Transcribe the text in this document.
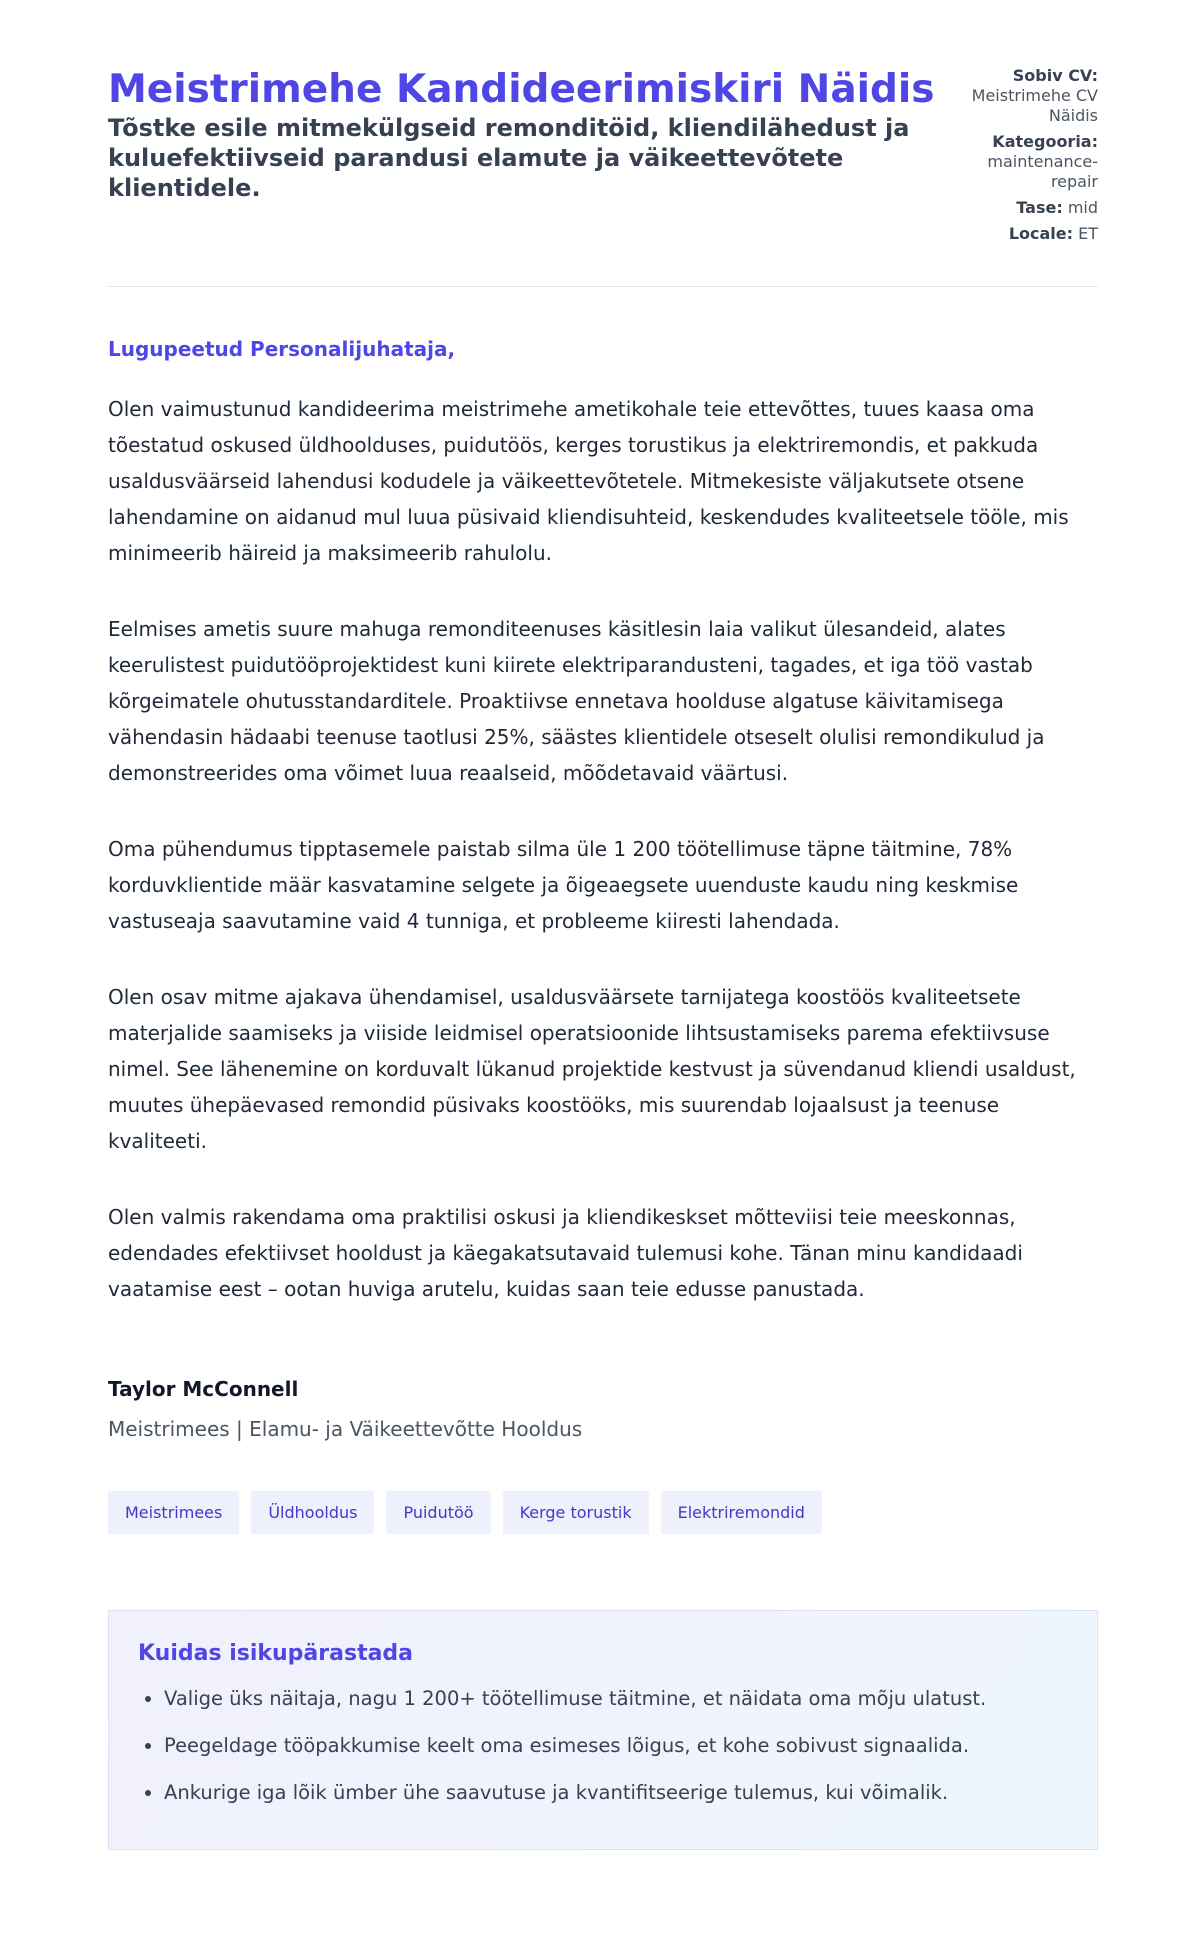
Meistrimehe Kandideerimiskiri Näidis

Tõstke esile mitmekülgseid remonditöid, kliendilähedust ja kuluefektiivseid parandusi elamute ja väikeettevõtete klientidele.

Sobiv CV: Meistrimehe CV Näidis
Kategooria: maintenance-repair
Tase: mid
Locale: ET
Lugupeetud Personalijuhataja,

Olen vaimustunud kandideerima meistrimehe ametikohale teie ettevõttes, tuues kaasa oma tõestatud oskused üldhoolduses, puidutöös, kerges torustikus ja elektriremondis, et pakkuda usaldusväärseid lahendusi kodudele ja väikeettevõtetele. Mitmekesiste väljakutsete otsene lahendamine on aidanud mul luua püsivaid kliendisuhteid, keskendudes kvaliteetsele tööle, mis minimeerib häireid ja maksimeerib rahulolu.

Eelmises ametis suure mahuga remonditeenuses käsitlesin laia valikut ülesandeid, alates keerulistest puidutööprojektidest kuni kiirete elektriparandusteni, tagades, et iga töö vastab kõrgeimatele ohutusstandarditele. Proaktiivse ennetava hoolduse algatuse käivitamisega vähendasin hädaabi teenuse taotlusi 25%, säästes klientidele otseselt olulisi remondikulud ja demonstreerides oma võimet luua reaalseid, mõõdetavaid väärtusi.

Oma pühendumus tipptasemele paistab silma üle 1 200 töötellimuse täpne täitmine, 78% korduvklientide määr kasvatamine selgete ja õigeaegsete uuenduste kaudu ning keskmise vastuseaja saavutamine vaid 4 tunniga, et probleeme kiiresti lahendada.

Olen osav mitme ajakava ühendamisel, usaldusväärsete tarnijatega koostöös kvaliteetsete materjalide saamiseks ja viiside leidmisel operatsioonide lihtsustamiseks parema efektiivsuse nimel. See lähenemine on korduvalt lükanud projektide kestvust ja süvendanud kliendi usaldust, muutes ühepäevased remondid püsivaks koostööks, mis suurendab lojaalsust ja teenuse kvaliteeti.

Olen valmis rakendama oma praktilisi oskusi ja kliendikeskset mõtteviisi teie meeskonnas, edendades efektiivset hooldust ja käegakatsutavaid tulemusi kohe. Tänan minu kandidaadi vaatamise eest – ootan huviga arutelu, kuidas saan teie edusse panustada.

Taylor McConnell
Meistrimees | Elamu- ja Väikeettevõtte Hooldus
Meistrimees	Üldhooldus	Puidutöö	Kerge torustik	Elektriremondid
Kuidas isikupärastada
• Valige üks näitaja, nagu 1 200+ töötellimuse täitmine, et näidata oma mõju ulatust.
• Peegeldage tööpakkumise keelt oma esimeses lõigus, et kohe sobivust signaalida.
• Ankurige iga lõik ümber ühe saavutuse ja kvantifitseerige tulemus, kui võimalik.
